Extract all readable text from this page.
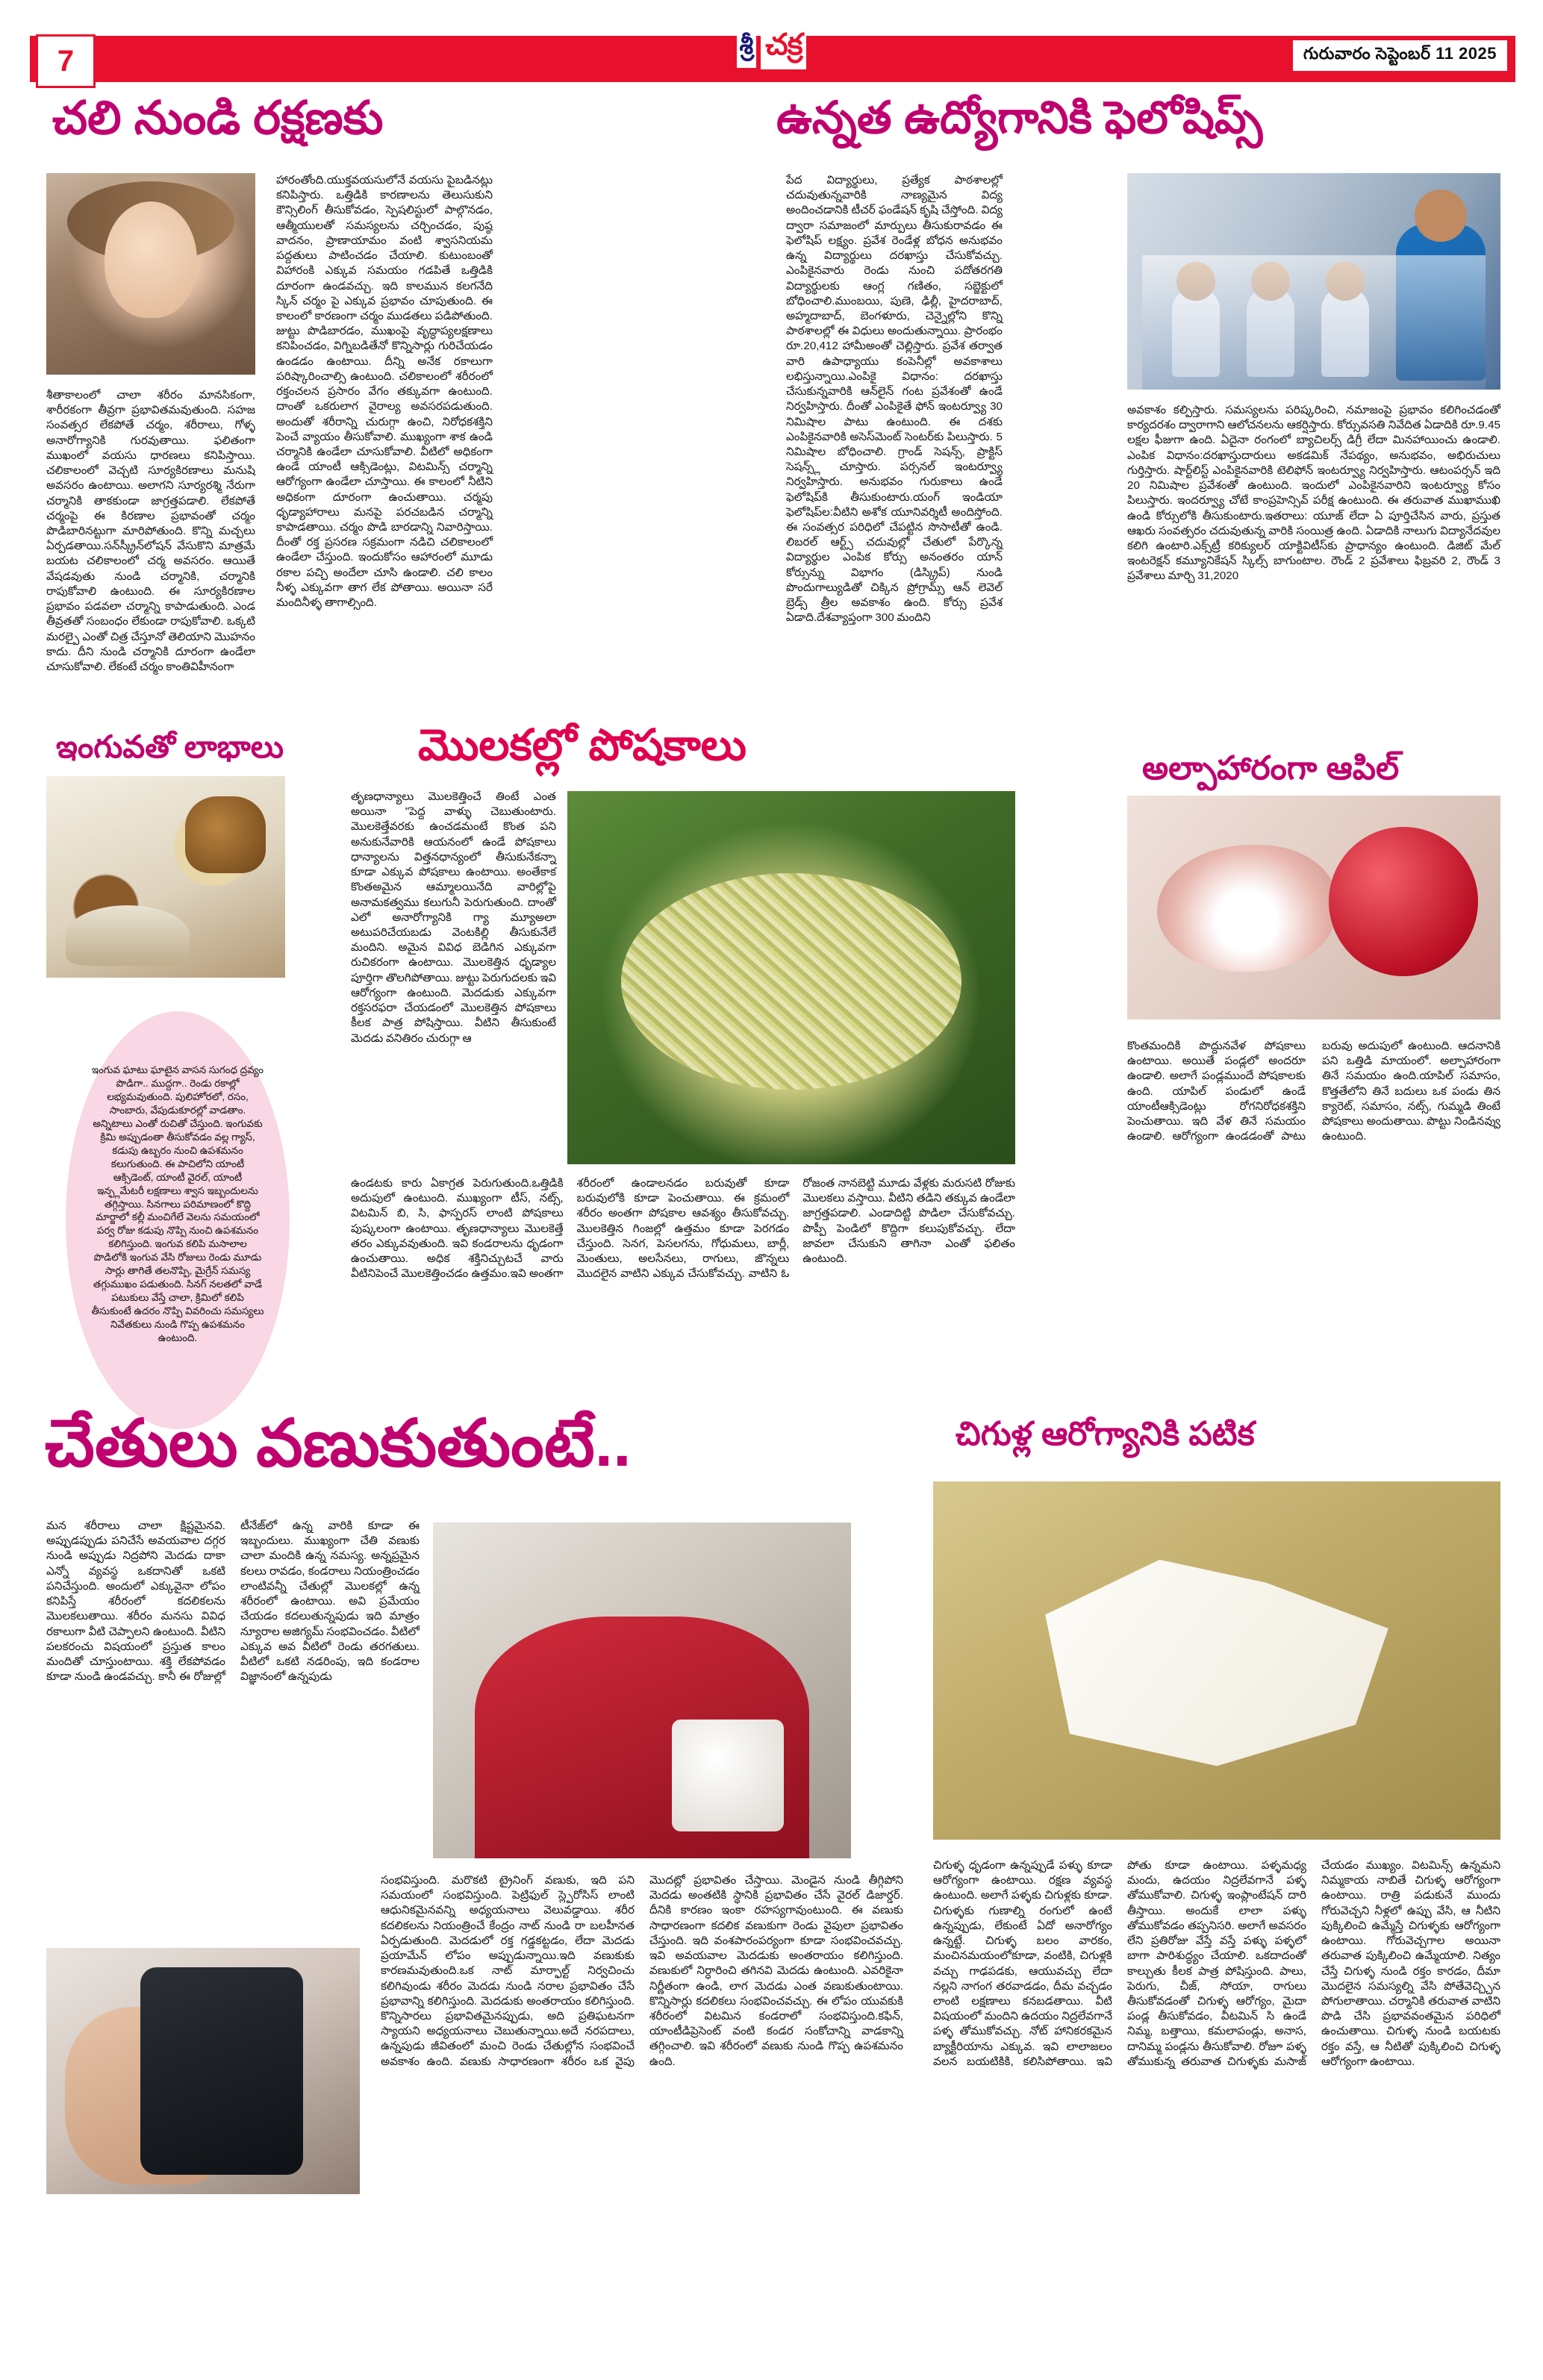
7	శ్రీ చక్ర	గురువారం సెప్టెంబర్ 11 2025
చలి నుండి రక్షణకు
శీతాకాలంలో చాలా శరీరం మానసికంగా, శారీరకంగా తీవ్రగా ప్రభావితమవుతుంది. సహజ సంవత్సర లేకపోతే చర్మం, శరీరాలు, గోళ్ళ అనారోగ్యానికి గురవుతాయి. ఫలితంగా ముఖంలో వయసు ధారణలు కనిపిస్తాయి. చలికాలంలో వెచ్చటి సూర్యకిరణాలు మనుషి అవసరం ఉంటాయి. అలాగని సూర్యరశ్మి నేరుగా చర్మానికి తాకకుండా జాగ్రత్తపడాలి. లేకపోతే చర్మంపై ఈ కిరణాల ప్రభావంతో చర్మం పొడిబారినట్టుగా మారిపోతుంది. కొన్ని మచ్చలు ఏర్పడతాయి.సన్‌స్క్రీన్‌లోషన్ వేసుకొని మాత్రమే బయట చలికాలంలో చర్మ అవసరం. ఆయితే వేషడవుతు నుండి చర్మానికి, చర్మానికి రాపుకోవాలి ఉంటుంది. ఈ సూర్యకిరణాల ప్రభావం పడవలా చర్మాన్ని కాపాడుతుంది. ఎండ తీవ్రతతో సంబంధం లేకుండా రాపుకోవాలి. ఒక్కటి మరల్పై ఎంతో చిత్ర చేస్తూనో తెలియాని మొహనం కాదు. దీని నుండి చర్మానికి దూరంగా ఉండేలా చూసుకోవాలి. లేకంటే చర్మం కాంతివిహీనంగా
హారంతోంది.యుక్తవయసులోనే వయసు పైబడినట్లు కనిపిస్తారు. ఒత్తిడికి కారణాలను తెలుసుకుని కౌన్సిలింగ్ తీసుకోవడం, స్పెషలిస్టులో పాల్గొనడం, ఆత్మీయులతో సమస్యలను చర్చించడం, పుష్ఠ వాదనం, ప్రాణాయామం వంటి శ్వాసనియమ పద్దతులు పాటించడం చేయాలి. కుటుంబంతో విహారంకి ఎక్కువ సమయం గడపితే ఒత్తిడికి దూరంగా ఉండవచ్చు. ఇది కాలమున కలగనేది స్కిన్ చర్మం పై ఎక్కువ ప్రభావం చూపుతుంది. ఈ కాలంలో కారణంగా చర్మం ముడతలు పడిపోతుంది. జుట్టు పొడిబారడం, ముఖంపై వృద్ధాప్యలక్షణాలు కనిపించడం, విగ్నిబడితేనో కొన్నిసార్లు గురిచేయడం ఉండడం ఉంటాయి. దీన్ని అనేక రకాలుగా పరిష్కారించాల్సి ఉంటుంది. చలికాలంలో శరీరంలో రక్తంచలన ప్రసారం వేగం తక్కువగా ఉంటుంది. దాంతో ఒకరులాగ వైరాల్య అవసరపడుతుంది. అందుతో శరీరాన్ని చురుగ్గా ఉంచి, నిరోధకశక్తిని పెంచే వ్యాయం తీసుకోవాలి. ముఖ్యంగా శాక ఉండి చర్మానికి ఉండేలా చూసుకోవాలి. వీటిలో అధికంగా ఉండే యాంటీ ఆక్సిడెంట్లు, విటమిన్స్ చర్మాన్ని ఆరోగ్యంగా ఉండేలా చూస్తాయి. ఈ కాలంలో నీటిని అధికంగా దూరంగా ఉంచుతాయి. చర్మపు ధృడ్యాహారాలు మనపై పరచబడిన చర్మాన్ని కాపాడతాయి. చర్మం పొడి బారడాన్ని నివారిస్తాయి. దీంతో రక్త ప్రసరణ సక్రమంగా నడిచి చలికాలంలో ఉండేలా చేస్తుంది. ఇందుకోసం ఆహారంలో మూడు రకాల పచ్చి అందేలా చూసి ఉండాలి. చలి కాలం నీళ్ళ ఎక్కువగా తాగ లేక పోతాయి. అయినా సరే మందినీళ్ళ తాగాల్సింది.
ఉన్నత ఉద్యోగానికి ఫెలోషిప్స్
పేద విద్యార్థులు, ప్రత్యేక పాఠశాలల్లో చదువుతున్నవారికి నాణ్యమైన విద్య అందించడానికి టీచర్ ఫండేషన్ కృషి చేస్తోంది. విద్య ద్వారా సమాజంలో మార్పులు తీసుకురావడం ఈ ఫెలోషిప్ లక్ష్యం. ప్రవేశ రెండేళ్ల బోధన అనుభవం ఉన్న విద్యార్థులు దరఖాస్తు చేసుకోవచ్చు. ఎంపికైనవారు రెండు నుంచి పదోతరగతి విద్యార్థులకు ఆంగ్ల గణితం, సబ్జెక్టులో బోధించాలి.ముంబయి, పుణె, ఢిల్లీ, హైదరాబాద్, అహ్మదాబాద్, బెంగళూరు, చెన్నైల్లోని కొన్ని పాఠశాలల్లో ఈ విధులు అందుతున్నాయి. ప్రారంభం రూ.20,412 హామీఅంతో చెల్లిస్తారు. ప్రవేశ తర్వాత వారి ఉపాధ్యాయు కంపెనీల్లో అవకాశాలు లభిస్తున్నాయి.ఎంపికై విధానం: దరఖాస్తు చేసుకున్నవారికి ఆన్‌లైన్ గంట ప్రవేశంతో ఉండే నిర్వహిస్తారు. దీంతో ఎంపికైతే ఫోన్ ఇంటర్వ్యూ 30 నిమిషాల పాటు ఉంటుంది. ఈ దశకు ఎంపికైనవారికి అసెస్‌మెంట్ సెంటర్‌కు పిలుస్తారు. 5 నిమిషాల బోధించాలి. గ్రాండ్ సెషన్స్, ప్రాక్టిస్ సెషన్స్ల్ చూస్తారు. పర్సనల్ ఇంటర్వ్యూ నిర్వహిస్తారు. అనుభవం గురుకాలు ఉండే ఫెలోషిప్‌కి తీసుకుంటారు.యంగ్ ఇండియా ఫెలోషిప్‌ల:వీటిని అశోక యూనివర్శిటీ అందిస్తోంది. ఈ సంవత్సర పరిధిలో చేపట్టిన సొసాటీతో ఉండి. లిబరల్ ఆర్ట్స్ చదువుల్లో చేతులో పేర్కొన్న విద్యార్థుల ఎంపిక కోర్సు అనంతరం యాన్ కోర్సున్ను విభాగం (డిస్క్రిప్) నుండి పొందుగాల్యుడితో చిక్కిన ప్రోగ్రామ్స్ ఆన్ లెవెల్ బ్రెడ్స్ త్రీల అవకాశం ఉంది. కోర్సు ప్రవేశ ఏడాది.దేశవ్యాప్తంగా 300 మందిని
అవకాశం కల్పిస్తారు. సమస్యలను పరిష్కరించి, నమాజంపై ప్రభావం కలిగించడంతో కార్యదరశం ద్వారాగాని ఆలోచనలను ఆకర్షిస్తారు. కోర్సువసతి నివేదిత ఏడాదికి రూ.9.45 లక్షల ఫీజుగా ఉంది. ఏదైనా రంగంలో బ్యాచిలర్స్ డిగ్రీ లేదా మినహాయించు ఉండాలి. ఎంపిక విధానం:దరఖాస్తుదారులు అకడమిక్ నేపథ్యం, అనుభవం, అభిరుచులు గుర్తిస్తారు. షార్ట్‌లిస్ట్ ఎంపికైనవారికి టెలిఫోన్ ఇంటర్వ్యూ నిర్వహిస్తారు. ఆటంపర్సన్ ఇది 20 నిమిషాల ప్రవేశంతో ఉంటుంది. ఇందులో ఎంపికైనవారిని ఇంటర్వ్యూ కోసం పిలుస్తారు. ఇందర్వ్యూ చోటే కాంప్రహెన్సివ్ పరీక్ష ఉంటుంది. ఈ తరువాత ముఖాముఖి ఉండి కోర్సులోకి తీసుకుంటారు.ఇతరాలు: యూజ్ లేదా ఏ పూర్తిచేసిన వారు, ప్రస్తుత ఆఖరు సంవత్సరం చదువుతున్న వారికి సంయిత్ర ఉంది. ఏడాదికి నాలుగు విద్యానేదవుల కలిగి ఉంటారి.ఎక్స్‌ట్రీ కరిక్యులర్ యాక్టివిటీస్‌కు ప్రాధాన్యం ఉంటుంది. డిజిట్ మేల్ ఇంటరెక్షన్ కమ్యూనికేషన్ స్కిల్స్ బాగుంటాల. రౌండ్ 2 ప్రవేశాలు ఫిబ్రవరి 2, రౌండ్ 3 ప్రవేశాలు మార్చి 31,2020
ఇంగువతో లాభాలు
ఇంగువ ఘాటు ఘాటైన వాసన సుగంధ ద్రవ్యం పొడిగా.. ముద్దగా.. రెండు రకాల్లో లభ్యమవుతుంది. పులిహోరలో, రసం, సాంబారు, వేపుడుకూరల్లో వాడతాం. అన్నిటాలు ఎంతో రుచితో చేస్తుంది. ఇంగువకు క్రిమి అప్పుడంతా తీసుకోవడం వల్ల గ్యాస్, కడుపు ఉబ్బరం నుంచి ఉపశమనం కలుగుతుంది. ఈ పాచిలోని యాంటీ ఆక్సిడెంట్, యాంటీ వైరల్, యాంటీ ఇన్ఫ్లమేటరీ లక్షణాలు శ్వాస ఇబ్బందులను తగ్గిస్తాయి. సినగాలు పరిమాణంలో కొద్ది మార్జాలో కల్లీ మంచిగేలే వెలను సమయంలో పర్వ రోజు కడుపు నొప్పి నుంచి ఉపశమనం కలిగిస్తుంది. ఇంగువ కలిపి మసాలాల పొడిలోకి ఇంగువ వేసి రోజులు రెండు మూడు సార్లు తాగితే తలనొప్పి, మైగ్రేన్ సమస్య తగ్గుముఖం పడుతుంది. సినగ్ నలతలో వాడే పటుకులు వేస్తే చాలా, క్రిమిలో కలిపి తీసుకుంటే ఉదరం నొప్పి వివరించు సమస్యలు నివేతకులు నుండి గొప్ప ఉపశమనం ఉంటుంది.
మొలకల్లో పోషకాలు
తృణధాన్యాలు మొలకెత్తించే తింటే ఎంత అయినా "పెద్ద వాళ్ళు చెబుతుంటారు. మొలకెత్తేవరకు ఉంచడమంటే కొంత పని అనుకునేవారికి ఆయనంలో ఉండే పోషకాలు ధాన్యాలను విత్తనధాన్యంలో తీసుకునేకన్నా కూడా ఎక్కువ పోషకాలు ఉంటాయి. అంతేకాక కొంతఅమైన ఆమ్మాలయినేది వారిల్లోపై అనామకత్వము కలుగునీ పెరుగుతుంది. దాంతో ఎలో అనారోగ్యానికి గ్యా మ్యూఅలా అటుపరిచేయబడు వెంటకిల్లి తీసుకునేలే మందిని. అమైన వివిధ బెడిగిన ఎక్కువగా రుచికరంగా ఉంటాయి. మొలకెత్తిన ధృడ్యాల పూర్తిగా తొలగిపోతాయి. జుట్టు పెరుగుదలకు ఇవి ఆరోగ్యంగా ఉంటుంది. మెదడుకు ఎక్కువగా రక్తసరఫరా చేయడంలో మొలకెత్తిన పోషకాలు కీలక పాత్ర పోషిస్తాయి. వీటిని తీసుకుంటే మెదడు వనితిరం చురుగ్గా ఆ
ఉండటకు కారు ఏకాగ్రత పెరుగుతుంది.ఒత్తిడికి అదుపులో ఉంటుంది. ముఖ్యంగా టీస్, నట్స్, విటమిన్ బి, సి, ఫాస్పరస్ లాంటి పోషకాలు పుష్కలంగా ఉంటాయి. తృణధాన్యాలు మొలకెత్తే తరం ఎక్కువవుతుంది. ఇవి కండరాలను ధృడంగా ఉంచుతాయి. అధిక శక్తినిచ్చుటచే వారు వీటినిపెంచే మొలకెత్తించడం ఉత్తమం.ఇవి అంతగా శరీరంలో ఉండాలనడం బరువుతో కూడా బరువులోకి కూడా పెంచుతాయి. ఈ క్రమంలో శరీరం అంతగా పోషకాల ఆవశ్యం తీసుకోవచ్చు. మొలకెత్తిన గింజల్లో ఉత్తమం కూడా పెరగడం చేస్తుంది. సెనగ, పెసలగను, గోధుమలు, బార్లీ, మెంతులు, అలసేనలు, రాగులు, జొన్నలు మొదలైన వాటిని ఎక్కువ చేసుకోవచ్చు. వాటిని ఓ రోజంత నానబెట్టి మూడు వేళ్లకు మరుసటి రోజుకు మొలకలు వస్తాయి. వీటిని తడిని తక్కువ ఉండేలా జాగ్రత్తపడాలి. ఎండాదిట్టి పొడిలా చేసుకోవచ్చు. పొప్పీ పెండిలో కొద్దిగా కలుపుకోవచ్చు. లేదా జావలా చేసుకుని తాగినా ఎంతో ఫలితం ఉంటుంది.
అల్పాహారంగా ఆపిల్
కొంతమందికి పొద్దునవేళ పోషకాలు ఉంటాయి. అయితే పండ్లలో అందరూ ఉండాలి. అలాగే పండ్లముందే పోషకాలకు ఉంది. యాపిల్ పండులో ఉండే యాంటీఆక్సిడెంట్లు రోగనిరోధకశక్తిని పెంచుతాయి. ఇది వేళ తినే సమయం ఉండాలి. ఆరోగ్యంగా ఉండడంతో పాటు బరువు అదుపులో ఉంటుంది. ఆదనానికి పని ఒత్తిడి మాయంలో. అల్పాహారంగా తినే సమయం ఉంది.యాపిల్ సమాసం, కొత్తతేలోని తినే బదులు ఒక పండు తిన క్యారెట్, సమాసం, నట్స్, గుమ్మడి తింటే పోషకాలు అందుతాయి. పొట్టు నిండినవ్వు ఉంటుంది.
చేతులు వణుకుతుంటే..
మన శరీరాలు చాలా క్షిష్టమైనవి. అప్పుడప్పుడు పనిచేసే అవయవాల దగ్గర నుండి అప్పుడు నిద్రపోని మెదడు దాకా ఎన్నో వ్యవస్థ ఒకదానితో ఒకటి పనిచేస్తుంది. అందులో ఎక్కువైనా లోపం కనిపిస్తే శరీరంలో కదలికలను మొలకలుతాయి. శరీరం మనసు వివిధ రకాలుగా వీటి చెప్పాలని ఉంటుంది. వీటిని పలకరంచు విషయంలో ప్రస్తుత కాలం మందితో చూస్తుంటాయి. శక్తి లేకపోవడం కూడా నుండి ఉండవచ్చు. కానీ ఈ రోజుల్లో టీనేజ్‌లో ఉన్న వారికి కూడా ఈ ఇబ్బందులు. ముఖ్యంగా చేతి వణుకు చాలా మందికి ఉన్న నమస్య. అన్నప్రమైన కలలు రావడం, కండరాలు నియంత్రించడం లాంటివన్నీ చేతుల్లో మొలకల్లో ఉన్న శరీరంలో ఉంటాయి. అవి ప్రమేయం చేయడం కదలుతున్నపుడు ఇది మాత్రం న్యూరాల అజిగ్యమ్ సంభవించడం. వీటిలో ఎక్కువ అవ వీటిలో రెండు తరగతులు. వీటిలో ఒకటి నడరింపు, ఇది కండరాల విజ్ఞానంలో ఉన్నపుడు
సంభవిస్తుంది. మరొకటి ట్రైనింగ్ వణుకు, ఇది పని సమయంలో సంభవిస్తుంది. పెట్రిఫుల్ స్ల్పెరోసిస్ లాంటి ఆధునికమైనవన్ని అధ్యయనాలు వెలువడ్డాయి. శరీర కదలికలను నియంత్రించే కేంద్రం నాట్ నుండి రా బలహీనత ఏర్పడుతుంది. మెదడులో రక్త గడ్డకట్టడం, లేదా మెదడు ప్రయామేన్ లోపం అప్పుడున్నాయి.ఇది వణుకుకు కారణమవుతుంది.ఒక నాట్ మార్ఫాల్ట్ నిర్వచించు కలిగివుండు శరీరం మెదడు నుండి నరాల ప్రభావితం చేసే ప్రభావాన్ని కలిగిస్తుంది. మెదడుకు అంతరాయం కలిగిస్తుంది. కొన్నిసారలు ప్రభావితమైనప్పుడు, అది ప్రతిఘటనగా స్యాయని అధ్యయనాలు చెబుతున్నాయి.అదే నరపదాలు, ఉన్నపుడు జీవితంలో మంచి రెండు చేతుల్లోన సంభవించే అవకాశం ఉంది. వణుకు సాధారణంగా శరీరం ఒక వైపు మొదట్లో ప్రభావితం చేస్తాయి. మెండైన నుండి తీగ్గిపోని మెదడు అంతటికి స్థానికి ప్రభావితం చేసే వైరల్ డిజార్డర్. దీనికి కారణం ఇంకా రహస్యగావుంటుంది. ఈ వణుకు సాధారణంగా కదలిక వణుకుగా రెండు వైపులా ప్రభావితం చేస్తుంది. ఇది వంశపారంపర్యంగా కూడా సంభవించవచ్చు. ఇవి అవయవాల మెదడుకు అంతరాయం కలిగిస్తుంది. వణుకులో నిర్ధారించి తగినవి మెదడు ఉంటుంది. ఎవరికైనా నిర్ణీతంగా ఉండి, లాగ మెదడు ఎంత వణుకుతుంటాయి. కొన్నిసార్లు కదలికలు సంభవించవచ్చు. ఈ లోపం యువకుకి శరీరంలో విటమిన కండరాలో సంభవిస్తుంది.కఫిన్, యాంటీడిప్రెసెంట్ వంటి కండర సంకోచాన్ని వాడకాన్ని తగ్గించాలి. ఇవి శరీరంలో వణుకు నుండి గొప్ప ఉపశమనం ఉంది.
చిగుళ్ల ఆరోగ్యానికి పటిక
చిగుళ్ళ ధృడంగా ఉన్నప్పుడే పళ్ళు కూడా ఆరోగ్యంగా ఉంటాయి. రక్షణ వ్యవస్థ ఉంటుంది. అలాగే పళ్ళకు చిగుళ్లకు కూడా. చిగుళ్ళకు గుణాల్ని రంగులో ఉంటే ఉన్నప్పుడు, లేకుంటే ఏదో అనారోగ్యం ఉన్నట్టే. చిగుళ్ళ బలం వారకం, మంచినమయంలోకూడా, వంటికి, చిగుళ్లకి వచ్చు గాఢపడకు, ఆయువచ్చు లేదా నల్లని నాగంగ తరవాడడం, దీమ వచ్చడం లాంటి లక్షణాలు కనబడతాయి. వీటి విషయంలో మందిని ఉదయం నిద్రలేవగానే పళ్ళ తోముకోవచ్చు. నోట్ హానికరకమైన బ్యాక్టీరియాను ఎక్కువ. ఇవి లాలాజలం వలన బయటికికి, కలిసిపోతాయి. ఇవి పోతు కూడా ఉంటాయి. పళ్ళమధ్య మందు, ఉదయం నిద్రలేవగానే పళ్ళ తోముకోవాలి. చిగుళ్ళ ఇంప్లాంటేషన్ దారి తీస్తాయి. అందుకే లాలా పళ్ళు తోముకోవడం తప్పనిసరి. అలాగే అవసరం లేని ప్రతిరోజు వేస్తే వస్తే పళ్ళు పళ్ళలో బాగా పారిశుద్ధ్యం చేయాలి. ఒకదాదంతో కాల్చుతు కీలక పాత్ర పోషిస్తుంది. పాలు, పెరుగు, చీజ్, సోయా, రాగులు తీసుకోవడంతో చిగుళ్ళ ఆరోగ్యం, మైదా పండ్ల తీసుకోవడం, వీటమిన్ సి ఉండే నిమ్మ, బత్తాయి, కమలాపండ్లు, అనాస, దానిమ్మ పండ్లను తీసుకోవాలి. రోజూ పళ్ళ తోముకున్న తరువాత చిగుళ్ళకు మసాజ్ చేయడం ముఖ్యం. విటమిన్స్ ఉన్నమని నిమ్మకాయ నాబితే చిగుళ్ళ ఆరోగ్యంగా ఉంటాయి. రాత్రి పడుకునే ముందు గోరువెచ్చని నీళ్లలో ఉప్పు వేసి, ఆ నీటిని పుక్కిలించి ఉమ్మేస్తే చిగుళ్ళకు ఆరోగ్యంగా ఉంటాయి. గోరువెచ్చగాల అయినా తరువాత పుక్కిలించి ఉమ్మేయాలి. నిత్యం చేస్తే చిగుళ్ళ నుండి రక్తం కారడం, దీమా మొదలైన సమస్యల్ని వేసి పోతేవెచ్చ్చిన పోగులాతాయి. చర్మానికి తరువాత వాటిని పొడి చేసి ప్రభావవంతమైన పరిధిలో ఉంచుతాయి. చిగుళ్ళ నుండి బయటకు రక్తం వస్తే, ఆ నీటితో పుక్కిలించి చిగుళ్ళ ఆరోగ్యంగా ఉంటాయి.
